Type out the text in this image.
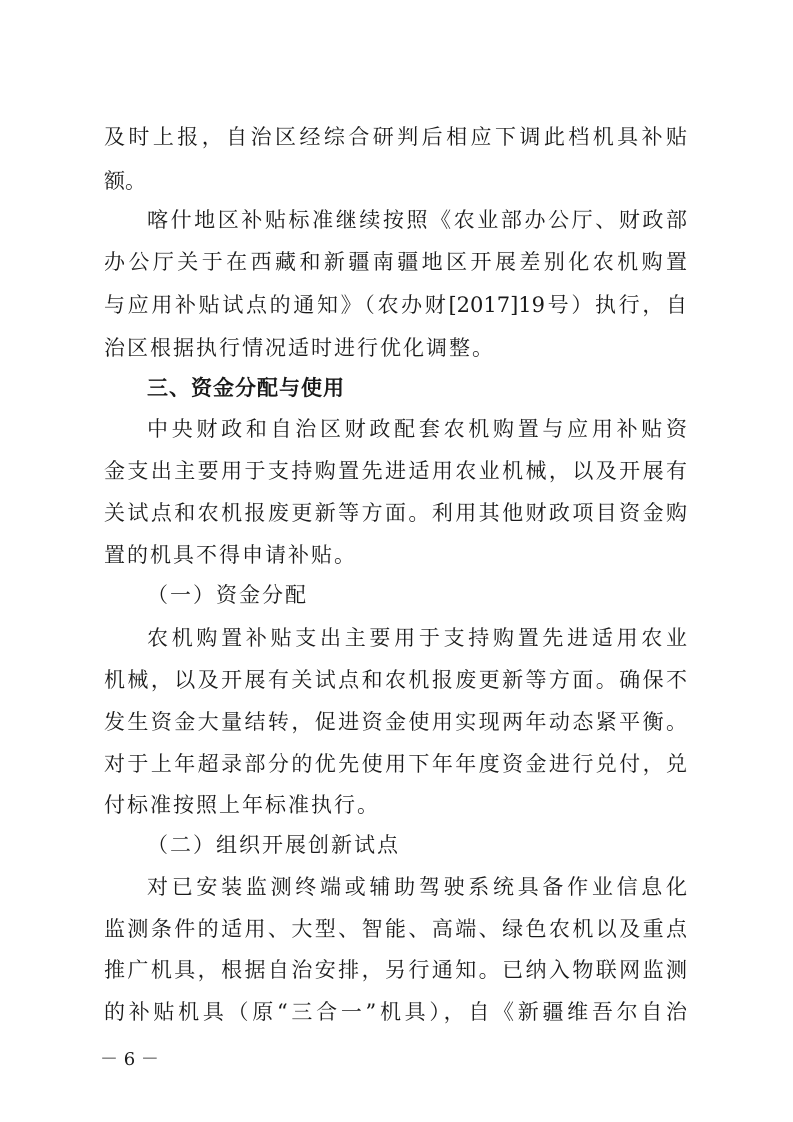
及时上报，自治区经综合研判后相应下调此档机具补贴

额。

喀什地区补贴标准继续按照《农业部办公厅、财政部

办公厅关于在西藏和新疆南疆地区开展差别化农机购置

与应用补贴试点的通知》（农办财[2017]19号）执行，自

治区根据执行情况适时进行优化调整。

三、资金分配与使用

中央财政和自治区财政配套农机购置与应用补贴资

金支出主要用于支持购置先进适用农业机械，以及开展有

关试点和农机报废更新等方面。利用其他财政项目资金购

置的机具不得申请补贴。

（一）资金分配

农机购置补贴支出主要用于支持购置先进适用农业

机械，以及开展有关试点和农机报废更新等方面。确保不

发生资金大量结转，促进资金使用实现两年动态紧平衡。

对于上年超录部分的优先使用下年年度资金进行兑付，兑

付标准按照上年标准执行。

（二）组织开展创新试点

对已安装监测终端或辅助驾驶系统具备作业信息化

监测条件的适用、大型、智能、高端、绿色农机以及重点

推广机具，根据自治安排，另行通知。已纳入物联网监测

的补贴机具（原“三合一”机具），自《新疆维吾尔自治

－ 6 －
